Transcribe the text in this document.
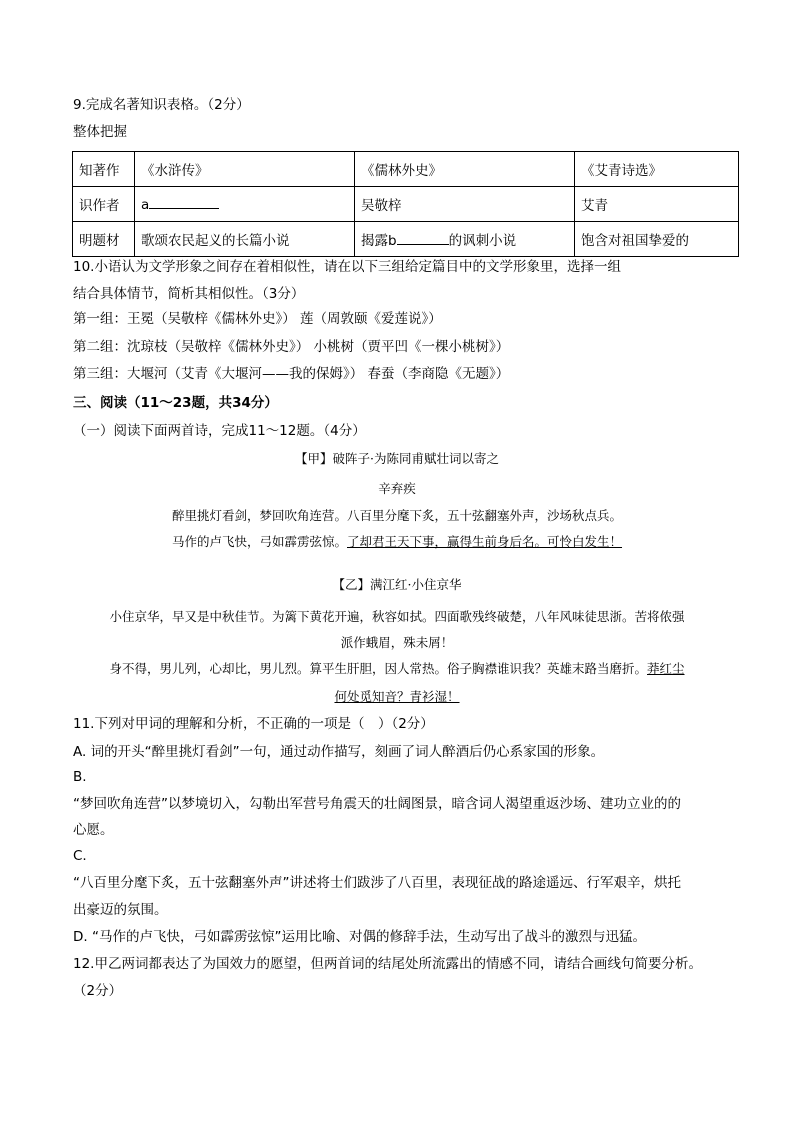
9.完成名著知识表格。（2分）
整体把握
知著作	《水浒传》	《儒林外史》	《艾青诗选》
识作者	a	吴敬梓	艾青
明题材	歌颂农民起义的长篇小说	揭露b 的讽刺小说	饱含对祖国挚爱的
10.小语认为文学形象之间存在着相似性，请在以下三组给定篇目中的文学形象里，选择一组
结合具体情节，简析其相似性。（3分）
第一组：王冕（吴敬梓《儒林外史》） 莲（周敦颐《爱莲说》）
第二组：沈琼枝（吴敬梓《儒林外史》） 小桃树（贾平凹《一棵小桃树》）
第三组：大堰河（艾青《大堰河——我的保姆》） 春蚕（李商隐《无题》）
三、阅读（11～23题，共34分）
（一）阅读下面两首诗，完成11～12题。（4分）
【甲】破阵子·为陈同甫赋壮词以寄之
辛弃疾
醉里挑灯看剑，梦回吹角连营。八百里分麾下炙，五十弦翻塞外声，沙场秋点兵。
马作的卢飞快，弓如霹雳弦惊。了却君王天下事，赢得生前身后名。可怜白发生！
【乙】满江红·小住京华
小住京华，早又是中秋佳节。为篱下黄花开遍，秋容如拭。四面歌残终破楚，八年风味徒思浙。苦将侬强
派作蛾眉，殊未屑！
身不得，男儿列，心却比，男儿烈。算平生肝胆，因人常热。俗子胸襟谁识我？英雄末路当磨折。莽红尘
何处觅知音？青衫湿！
11.下列对甲词的理解和分析，不正确的一项是（　）（2分）
A. 词的开头“醉里挑灯看剑”一句，通过动作描写，刻画了词人醉酒后仍心系家国的形象。
B.
“梦回吹角连营”以梦境切入，勾勒出军营号角震天的壮阔图景，暗含词人渴望重返沙场、建功立业的的
心愿。
C.
“八百里分麾下炙，五十弦翻塞外声”讲述将士们跋涉了八百里，表现征战的路途遥远、行军艰辛，烘托
出豪迈的氛围。
D. “马作的卢飞快，弓如霹雳弦惊”运用比喻、对偶的修辞手法，生动写出了战斗的激烈与迅猛。
12.甲乙两词都表达了为国效力的愿望，但两首词的结尾处所流露出的情感不同，请结合画线句简要分析。
（2分）
